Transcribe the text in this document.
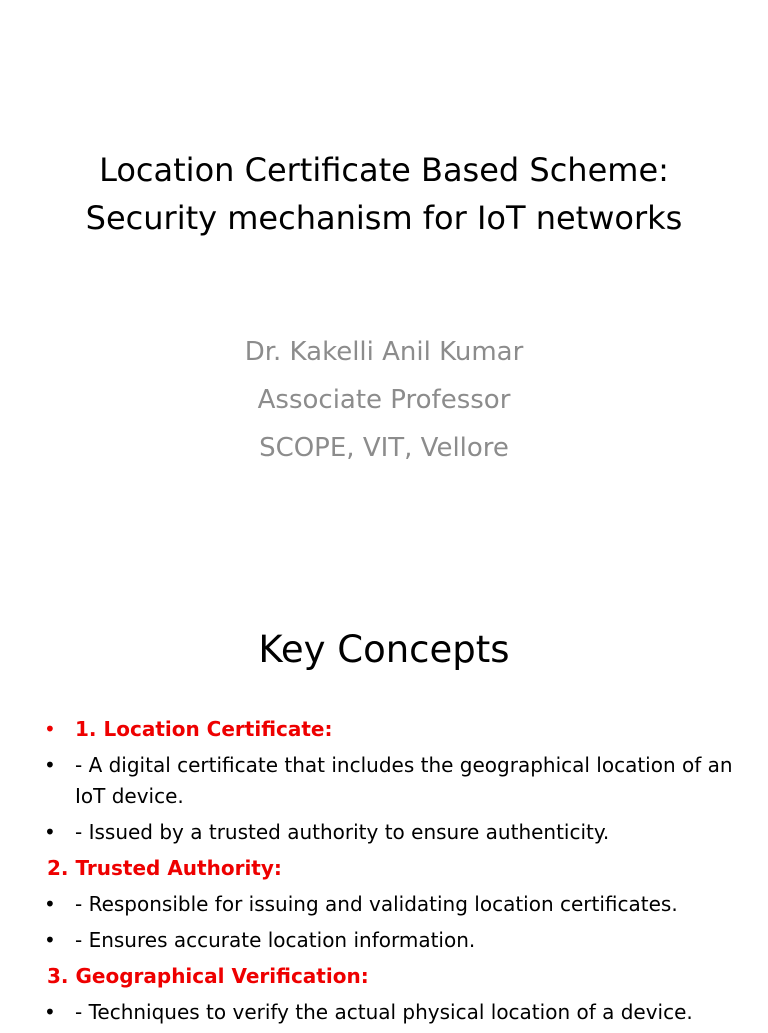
Location Certificate Based Scheme:
Security mechanism for IoT networks
Dr. Kakelli Anil Kumar
Associate Professor
SCOPE, VIT, Vellore
Key Concepts
• 1. Location Certificate:
• - A digital certificate that includes the geographical location of an IoT device.
• - Issued by a trusted authority to ensure authenticity.
2. Trusted Authority:
• - Responsible for issuing and validating location certificates.
• - Ensures accurate location information.
3. Geographical Verification:
• - Techniques to verify the actual physical location of a device.
